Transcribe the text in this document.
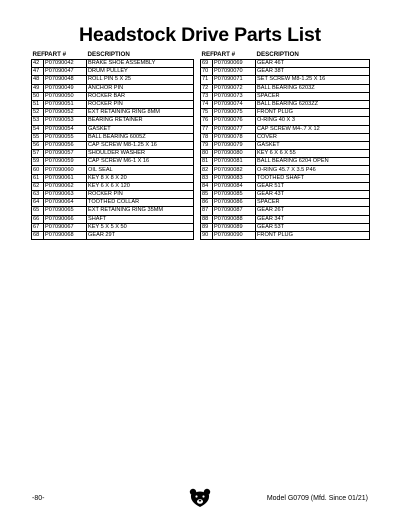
Headstock Drive Parts List
REF	PART #	DESCRIPTION
42	P07090042	BRAKE SHOE ASSEMBLY
47	P07090047	DRUM PULLEY
48	P07090048	ROLL PIN 5 X 25
49	P07090049	ANCHOR PIN
50	P07090050	ROCKER BAR
51	P07090051	ROCKER PIN
52	P07090052	EXT RETAINING RING 8MM
53	P07090053	BEARING RETAINER
54	P07090054	GASKET
55	P07090055	BALL BEARING 6005Z
56	P07090056	CAP SCREW M8-1.25 X 16
57	P07090057	SHOULDER WASHER
59	P07090059	CAP SCREW M6-1 X 16
60	P07090060	OIL SEAL
61	P07090061	KEY 8 X 8 X 20
62	P07090062	KEY 6 X 6 X 120
63	P07090063	ROCKER PIN
64	P07090064	TOOTHED COLLAR
65	P07090065	EXT RETAINING RING 35MM
66	P07090066	SHAFT
67	P07090067	KEY 5 X 5 X 50
68	P07090068	GEAR 29T
REF	PART #	DESCRIPTION
69	P07090069	GEAR 46T
70	P07090070	GEAR 38T
71	P07090071	SET SCREW M8-1.25 X 16
72	P07090072	BALL BEARING 6203Z
73	P07090073	SPACER
74	P07090074	BALL BEARING 6203ZZ
75	P07090075	FRONT PLUG
76	P07090076	O-RING 40 X 3
77	P07090077	CAP SCREW M4-.7 X 12
78	P07090078	COVER
79	P07090079	GASKET
80	P07090080	KEY 6 X 6 X 55
81	P07090081	BALL BEARING 6204 OPEN
82	P07090082	O-RING 45.7 X 3.5 P46
83	P07090083	TOOTHED SHAFT
84	P07090084	GEAR 51T
85	P07090085	GEAR 43T
86	P07090086	SPACER
87	P07090087	GEAR 26T
88	P07090088	GEAR 34T
89	P07090089	GEAR 53T
90	P07090090	FRONT PLUG
-80-	Model G0709 (Mfd. Since 01/21)
